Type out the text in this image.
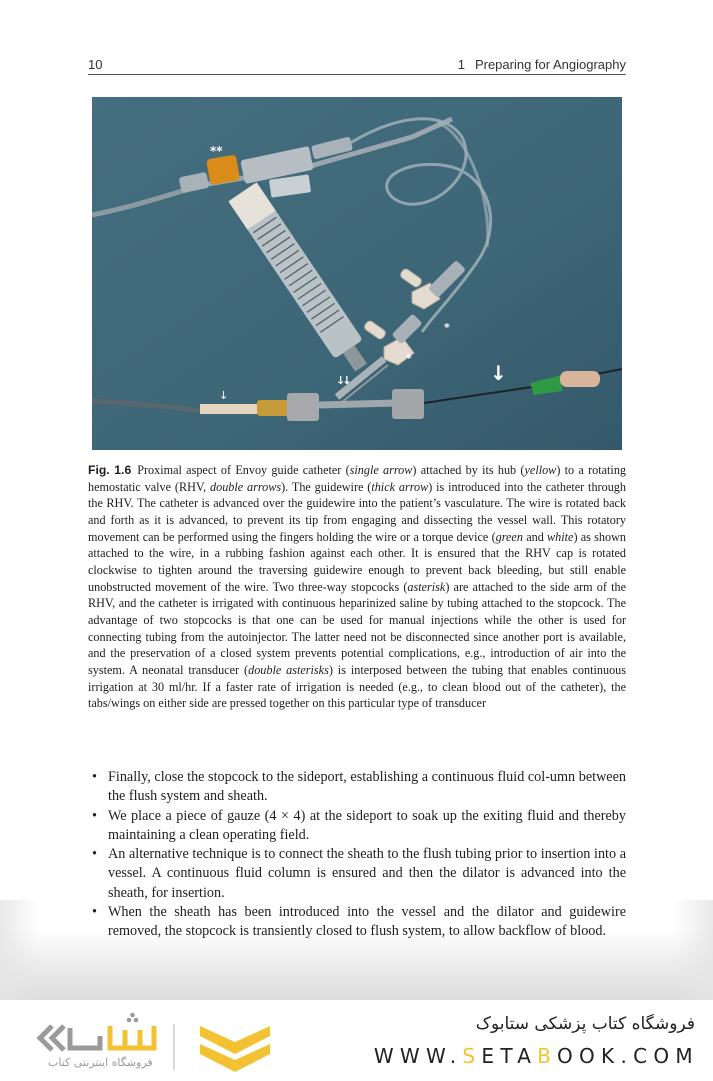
10	1 Preparing for Angiography
**
*
*
↓
↓↓	↓
Fig. 1.6 Proximal aspect of Envoy guide catheter (single arrow) attached by its hub (yellow) to a rotating hemostatic valve (RHV, double arrows). The guidewire (thick arrow) is introduced into the catheter through the RHV. The catheter is advanced over the guidewire into the patient’s vasculature. The wire is rotated back and forth as it is advanced, to prevent its tip from engaging and dissecting the vessel wall. This rotatory movement can be performed using the fingers holding the wire or a torque device (green and white) as shown attached to the wire, in a rubbing fashion against each other. It is ensured that the RHV cap is rotated clockwise to tighten around the traversing guidewire enough to prevent back bleeding, but still enable unobstructed movement of the wire. Two three-way stopcocks (asterisk) are attached to the side arm of the RHV, and the catheter is irrigated with continuous heparinized saline by tubing attached to the stopcock. The advantage of two stopcocks is that one can be used for manual injections while the other is used for connecting tubing from the autoinjector. The latter need not be disconnected since another port is available, and the preservation of a closed system prevents potential complications, e.g., introduction of air into the system. A neonatal transducer (double asterisks) is interposed between the tubing that enables continuous irrigation at 30 ml/hr. If a faster rate of irrigation is needed (e.g., to clean blood out of the catheter), the tabs/wings on either side are pressed together on this particular type of transducer
• Finally, close the stopcock to the sideport, establishing a continuous fluid col-umn between the flush system and sheath.
• We place a piece of gauze (4 × 4) at the sideport to soak up the exiting fluid and thereby maintaining a clean operating field.
• An alternative technique is to connect the sheath to the flush tubing prior to insertion into a vessel. A continuous fluid column is ensured and then the dilator is advanced into the sheath, for insertion.
• When the sheath has been introduced into the vessel and the dilator and guidewire removed, the stopcock is transiently closed to flush system, to allow backflow of blood.
فروشگاه اینترنتی کتاب
فروشگاه کتاب پزشکی ستابوک
WWW.SETABOOK.COM
